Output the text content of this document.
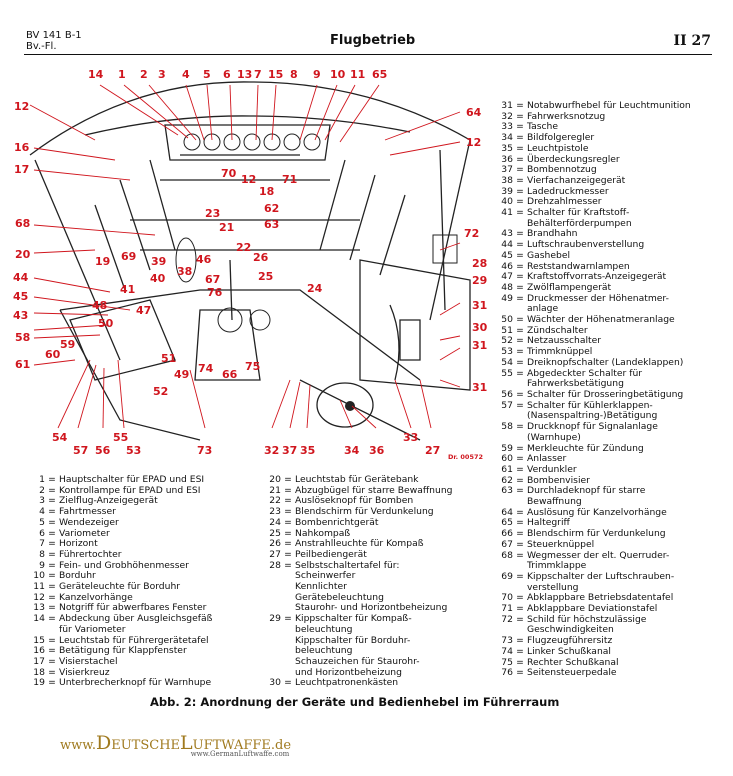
BV 141 B-1
Bv.-Fl.	Flugbetrieb	II 27
14 1 2 3 4 5 6 13 7 15 8 9 10 11 65
12	64
16	12
17	70
18
12 71
23	62
68	21
22
63
72
20
19 69 39	46	26
44	40
38
67
76
25
28
29
45
24
41
48	31
43	47
50
58
59
60	51
49 74 66
75
61
52
30
31
31
54
57 56
55
53	73	32 37 35	34 36
33
27 Dr. 00572
31 = Notabwurfhebel für Leuchtmunition
32 = Fahrwerksnotzug
33 = Tasche
34 = Bildfolgeregler
35 = Leuchtpistole
36 = Überdeckungsregler
37 = Bombennotzug
38 = Vierfachanzeigegerät
39 = Ladedruckmesser
40 = Drehzahlmesser
41 = Schalter für Kraftstoff-
Behälterförderpumpen
43 = Brandhahn
44 = Luftschraubenverstellung
45 = Gashebel
46 = Reststandwarnlampen
47 = Kraftstoffvorrats-Anzeigegerät
48 = Zwölflampengerät
49 = Druckmesser der Höhenatmer-
anlage
50 = Wächter der Höhenatmeranlage
51 = Zündschalter
52 = Netzausschalter
53 = Trimmknüppel
54 = Dreiknopfschalter (Landeklappen)
55 = Abgedeckter Schalter für
Fahrwerksbetätigung
56 = Schalter für Drosseringbetätigung
57 = Schalter für Kühlerklappen-
(Nasenspaltring-)Betätigung
58 = Druckknopf für Signalanlage
(Warnhupe)
59 = Merkleuchte für Zündung
60 = Anlasser
61 = Verdunkler
62 = Bombenvisier
63 = Durchladeknopf für starre
Bewaffnung
64 = Auslösung für Kanzelvorhänge
65 = Haltegriff
66 = Blendschirm für Verdunkelung
67 = Steuerknüppel
68 = Wegmesser der elt. Querruder-
Trimmklappe
69 = Kippschalter der Luftschrauben-
verstellung
70 = Abklappbare Betriebsdatentafel
71 = Abklappbare Deviationstafel
72 = Schild für höchstzulässige
Geschwindigkeiten
73 = Flugzeugführersitz
74 = Linker Schußkanal
75 = Rechter Schußkanal
76 = Seitensteuerpedale
1 = Hauptschalter für EPAD und ESI
2 = Kontrollampe für EPAD und ESI
3 = Zielflug-Anzeigegerät
4 = Fahrtmesser
5 = Wendezeiger
6 = Variometer
7 = Horizont
8 = Führertochter
9 = Fein- und Grobhöhenmesser
10 = Borduhr
11 = Geräteleuchte für Borduhr
12 = Kanzelvorhänge
13 = Notgriff für abwerfbares Fenster
14 = Abdeckung über Ausgleichsgefäß
für Variometer
15 = Leuchtstab für Führergerätetafel
16 = Betätigung für Klappfenster
17 = Visierstachel
18 = Visierkreuz
19 = Unterbrecherknopf für Warnhupe
20 = Leuchtstab für Gerätebank
21 = Abzugbügel für starre Bewaffnung
22 = Auslöseknopf für Bomben
23 = Blendschirm für Verdunkelung
24 = Bombenrichtgerät
25 = Nahkompaß
26 = Anstrahlleuchte für Kompaß
27 = Peilbediengerät
28 = Selbstschaltertafel für:
Scheinwerfer
Kennlichter
Gerätebeleuchtung
Staurohr- und Horizontbeheizung
29 = Kippschalter für Kompaß-
beleuchtung
Kippschalter für Borduhr-
beleuchtung
Schauzeichen für Staurohr-
und Horizontbeheizung
30 = Leuchtpatronenkästen
Abb. 2: Anordnung der Geräte und Bedienhebel im Führerraum
www.DEUTSCHELUFTWAFFE.de
www.GermanLuftwaffe.com
